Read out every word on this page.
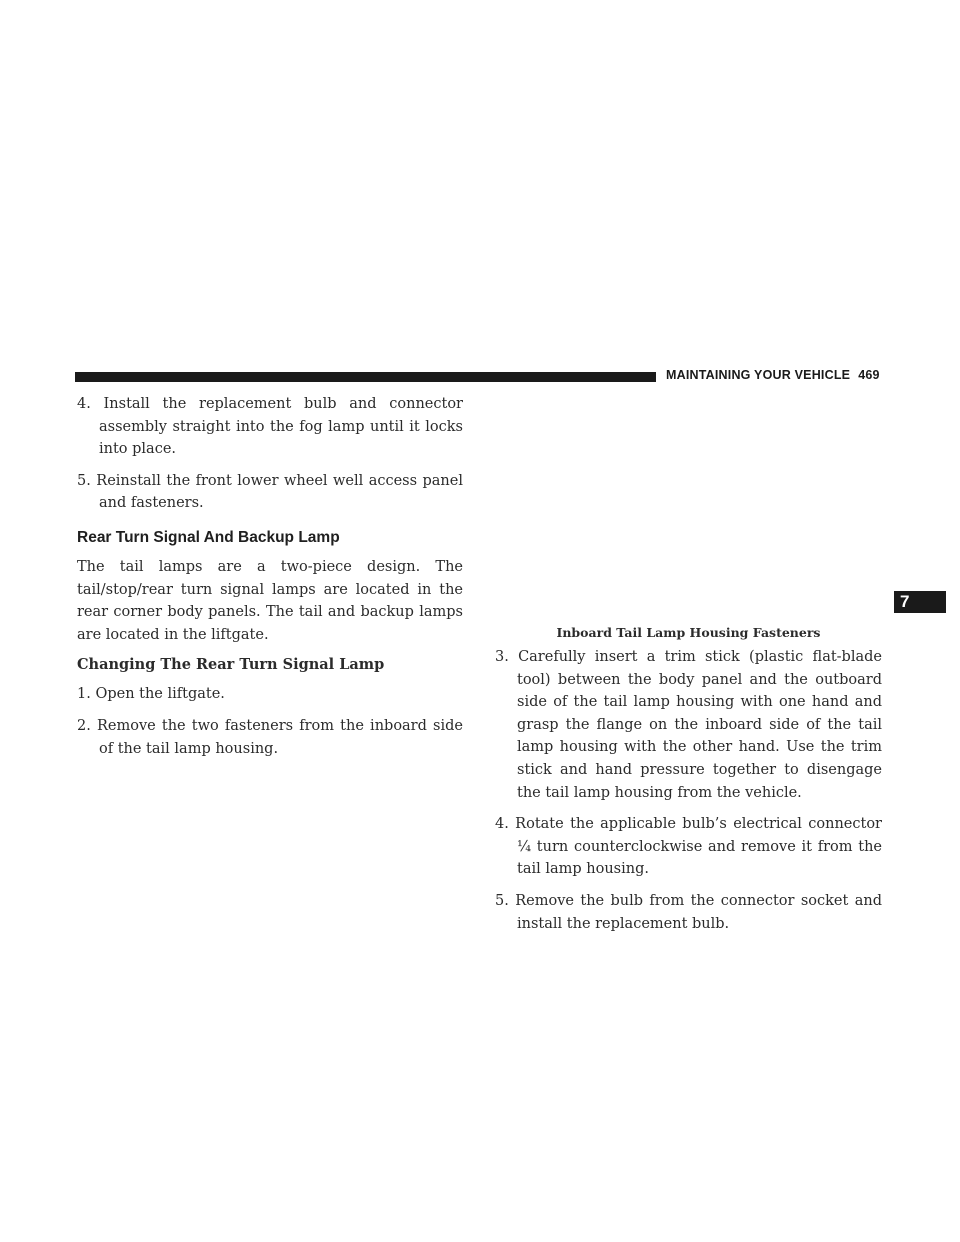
MAINTAINING YOUR VEHICLE 469
7

4. Install the replacement bulb and connector assembly straight into the fog lamp until it locks into place.

5. Reinstall the front lower wheel well access panel and fasteners.

Rear Turn Signal And Backup Lamp

The tail lamps are a two-piece design. The tail/stop/rear turn signal lamps are located in the rear corner body panels. The tail and backup lamps are located in the liftgate.

Changing The Rear Turn Signal Lamp

1. Open the liftgate.

2. Remove the two fasteners from the inboard side of the tail lamp housing.

Inboard Tail Lamp Housing Fasteners

3. Carefully insert a trim stick (plastic flat-blade tool) between the body panel and the outboard side of the tail lamp housing with one hand and grasp the flange on the inboard side of the tail lamp housing with the other hand. Use the trim stick and hand pressure together to disengage the tail lamp housing from the vehicle.

4. Rotate the applicable bulb’s electrical connector ¼ turn counterclockwise and remove it from the tail lamp housing.

5. Remove the bulb from the connector socket and install the replacement bulb.
